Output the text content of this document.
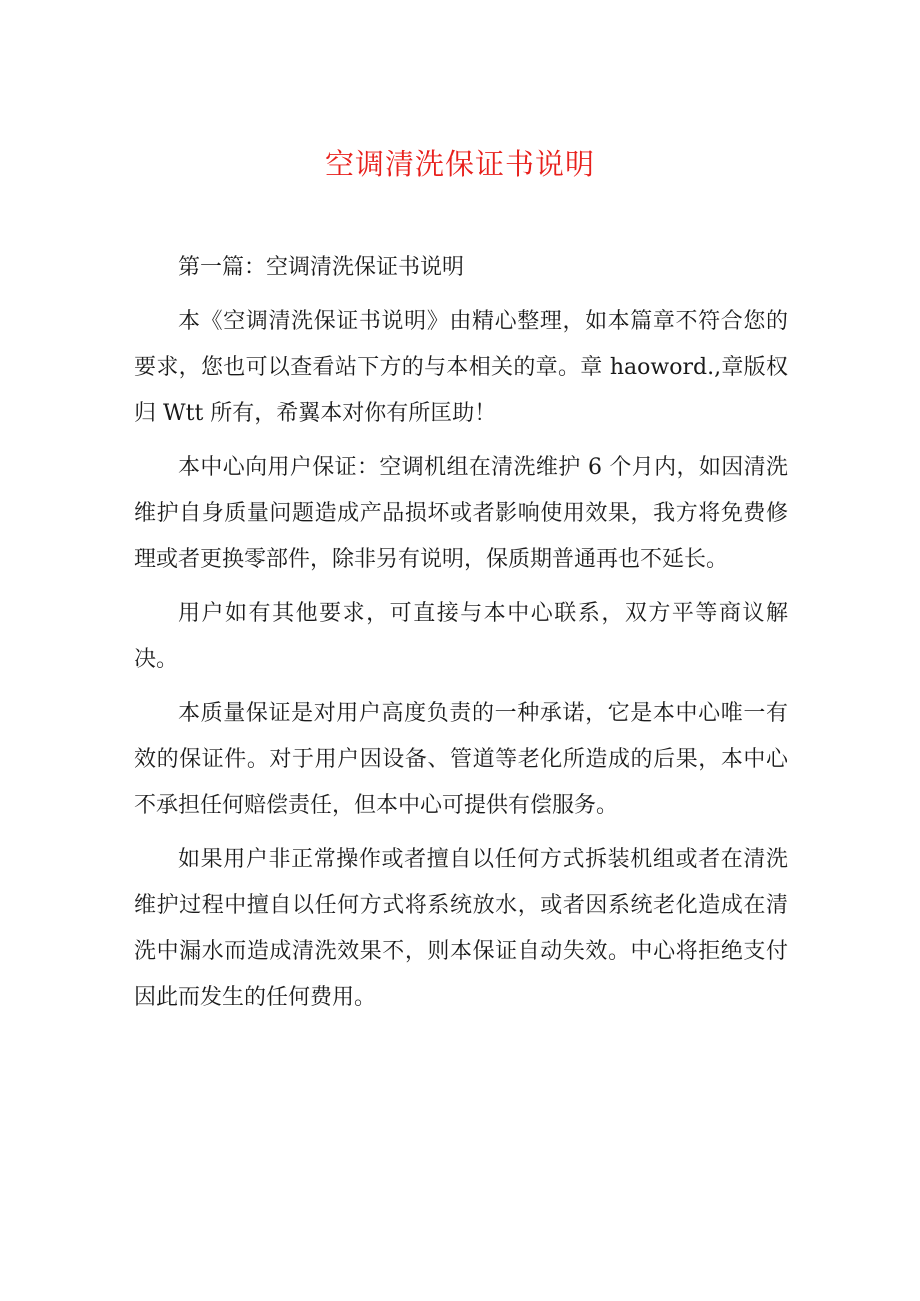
空调清洗保证书说明

第一篇：空调清洗保证书说明

本《空调清洗保证书说明》由精心整理，如本篇章不符合您的要求，您也可以查看站下方的与本相关的章。章 haoword.,章版权归 Wtt 所有，希翼本对你有所匡助！

本中心向用户保证：空调机组在清洗维护 6 个月内，如因清洗维护自身质量问题造成产品损坏或者影响使用效果，我方将免费修理或者更换零部件，除非另有说明，保质期普通再也不延长。

用户如有其他要求，可直接与本中心联系，双方平等商议解决。

本质量保证是对用户高度负责的一种承诺，它是本中心唯一有效的保证件。对于用户因设备、管道等老化所造成的后果，本中心不承担任何赔偿责任，但本中心可提供有偿服务。

如果用户非正常操作或者擅自以任何方式拆装机组或者在清洗维护过程中擅自以任何方式将系统放水，或者因系统老化造成在清洗中漏水而造成清洗效果不，则本保证自动失效。中心将拒绝支付因此而发生的任何费用。
